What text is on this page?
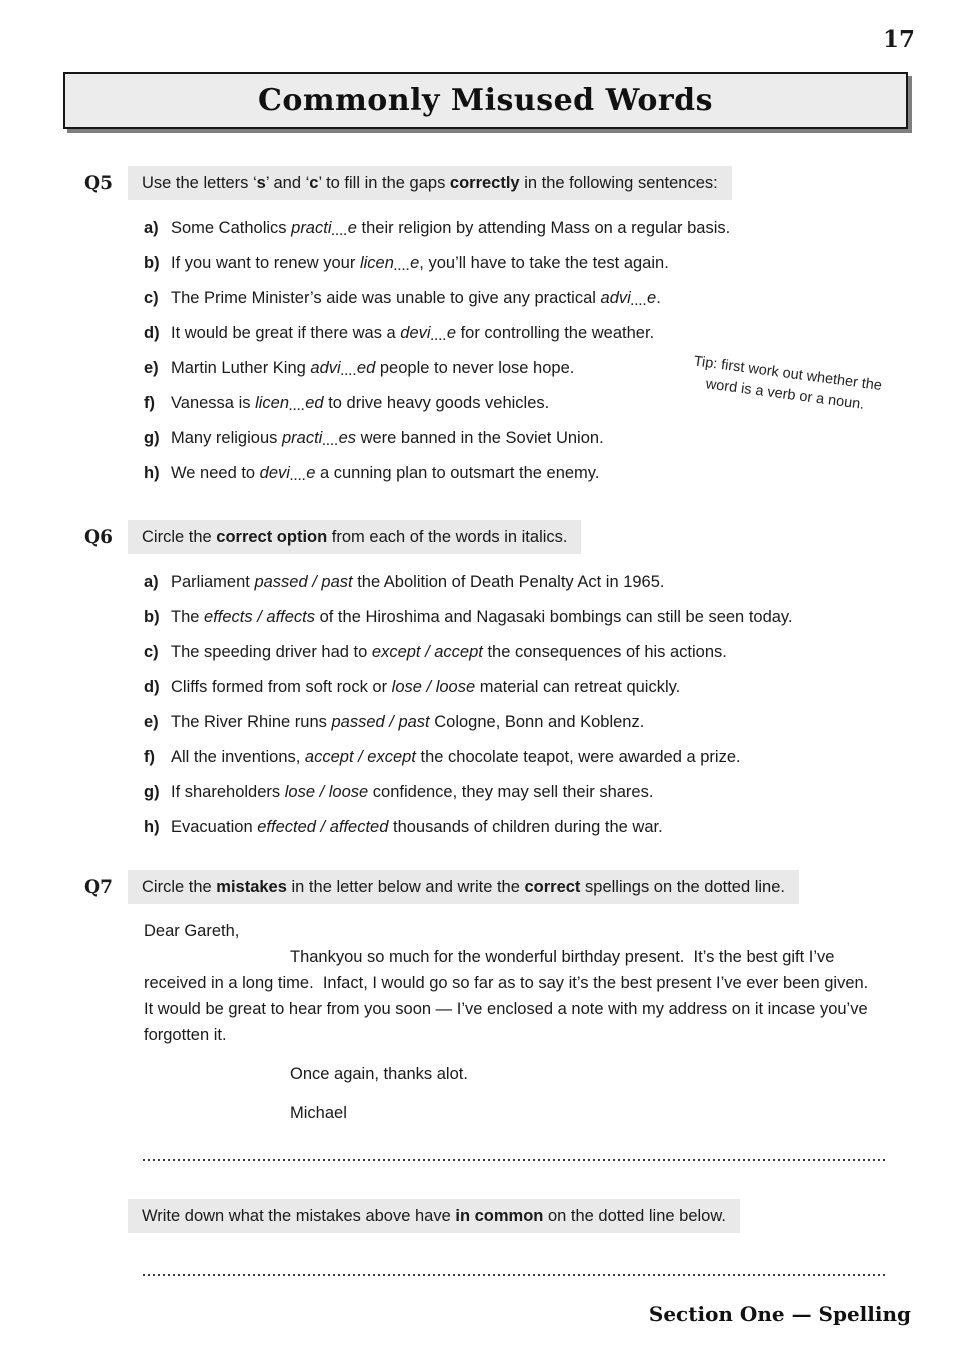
17
Commonly Misused Words
Q5	Use the letters ‘s’ and ‘c’ to fill in the gaps correctly in the following sentences:
a) Some Catholics practi....e their religion by attending Mass on a regular basis.
b) If you want to renew your licen....e, you’ll have to take the test again.
c) The Prime Minister’s aide was unable to give any practical advi....e.
d) It would be great if there was a devi....e for controlling the weather.
e) Martin Luther King advi....ed people to never lose hope.
f) Vanessa is licen....ed to drive heavy goods vehicles.
g) Many religious practi....es were banned in the Soviet Union.
h) We need to devi....e a cunning plan to outsmart the enemy.
Tip: first work out whether the word is a verb or a noun.
Q6	Circle the correct option from each of the words in italics.
a) Parliament passed / past the Abolition of Death Penalty Act in 1965.
b) The effects / affects of the Hiroshima and Nagasaki bombings can still be seen today.
c) The speeding driver had to except / accept the consequences of his actions.
d) Cliffs formed from soft rock or lose / loose material can retreat quickly.
e) The River Rhine runs passed / past Cologne, Bonn and Koblenz.
f) All the inventions, accept / except the chocolate teapot, were awarded a prize.
g) If shareholders lose / loose confidence, they may sell their shares.
h) Evacuation effected / affected thousands of children during the war.
Q7	Circle the mistakes in the letter below and write the correct spellings on the dotted line.
Dear Gareth,
Thankyou so much for the wonderful birthday present.  It’s the best gift I’ve received in a long time.  Infact, I would go so far as to say it’s the best present I’ve ever been given.  It would be great to hear from you soon — I’ve enclosed a note with my address on it incase you’ve forgotten it.
Once again, thanks alot.
Michael
Write down what the mistakes above have in common on the dotted line below.
Section One — Spelling
